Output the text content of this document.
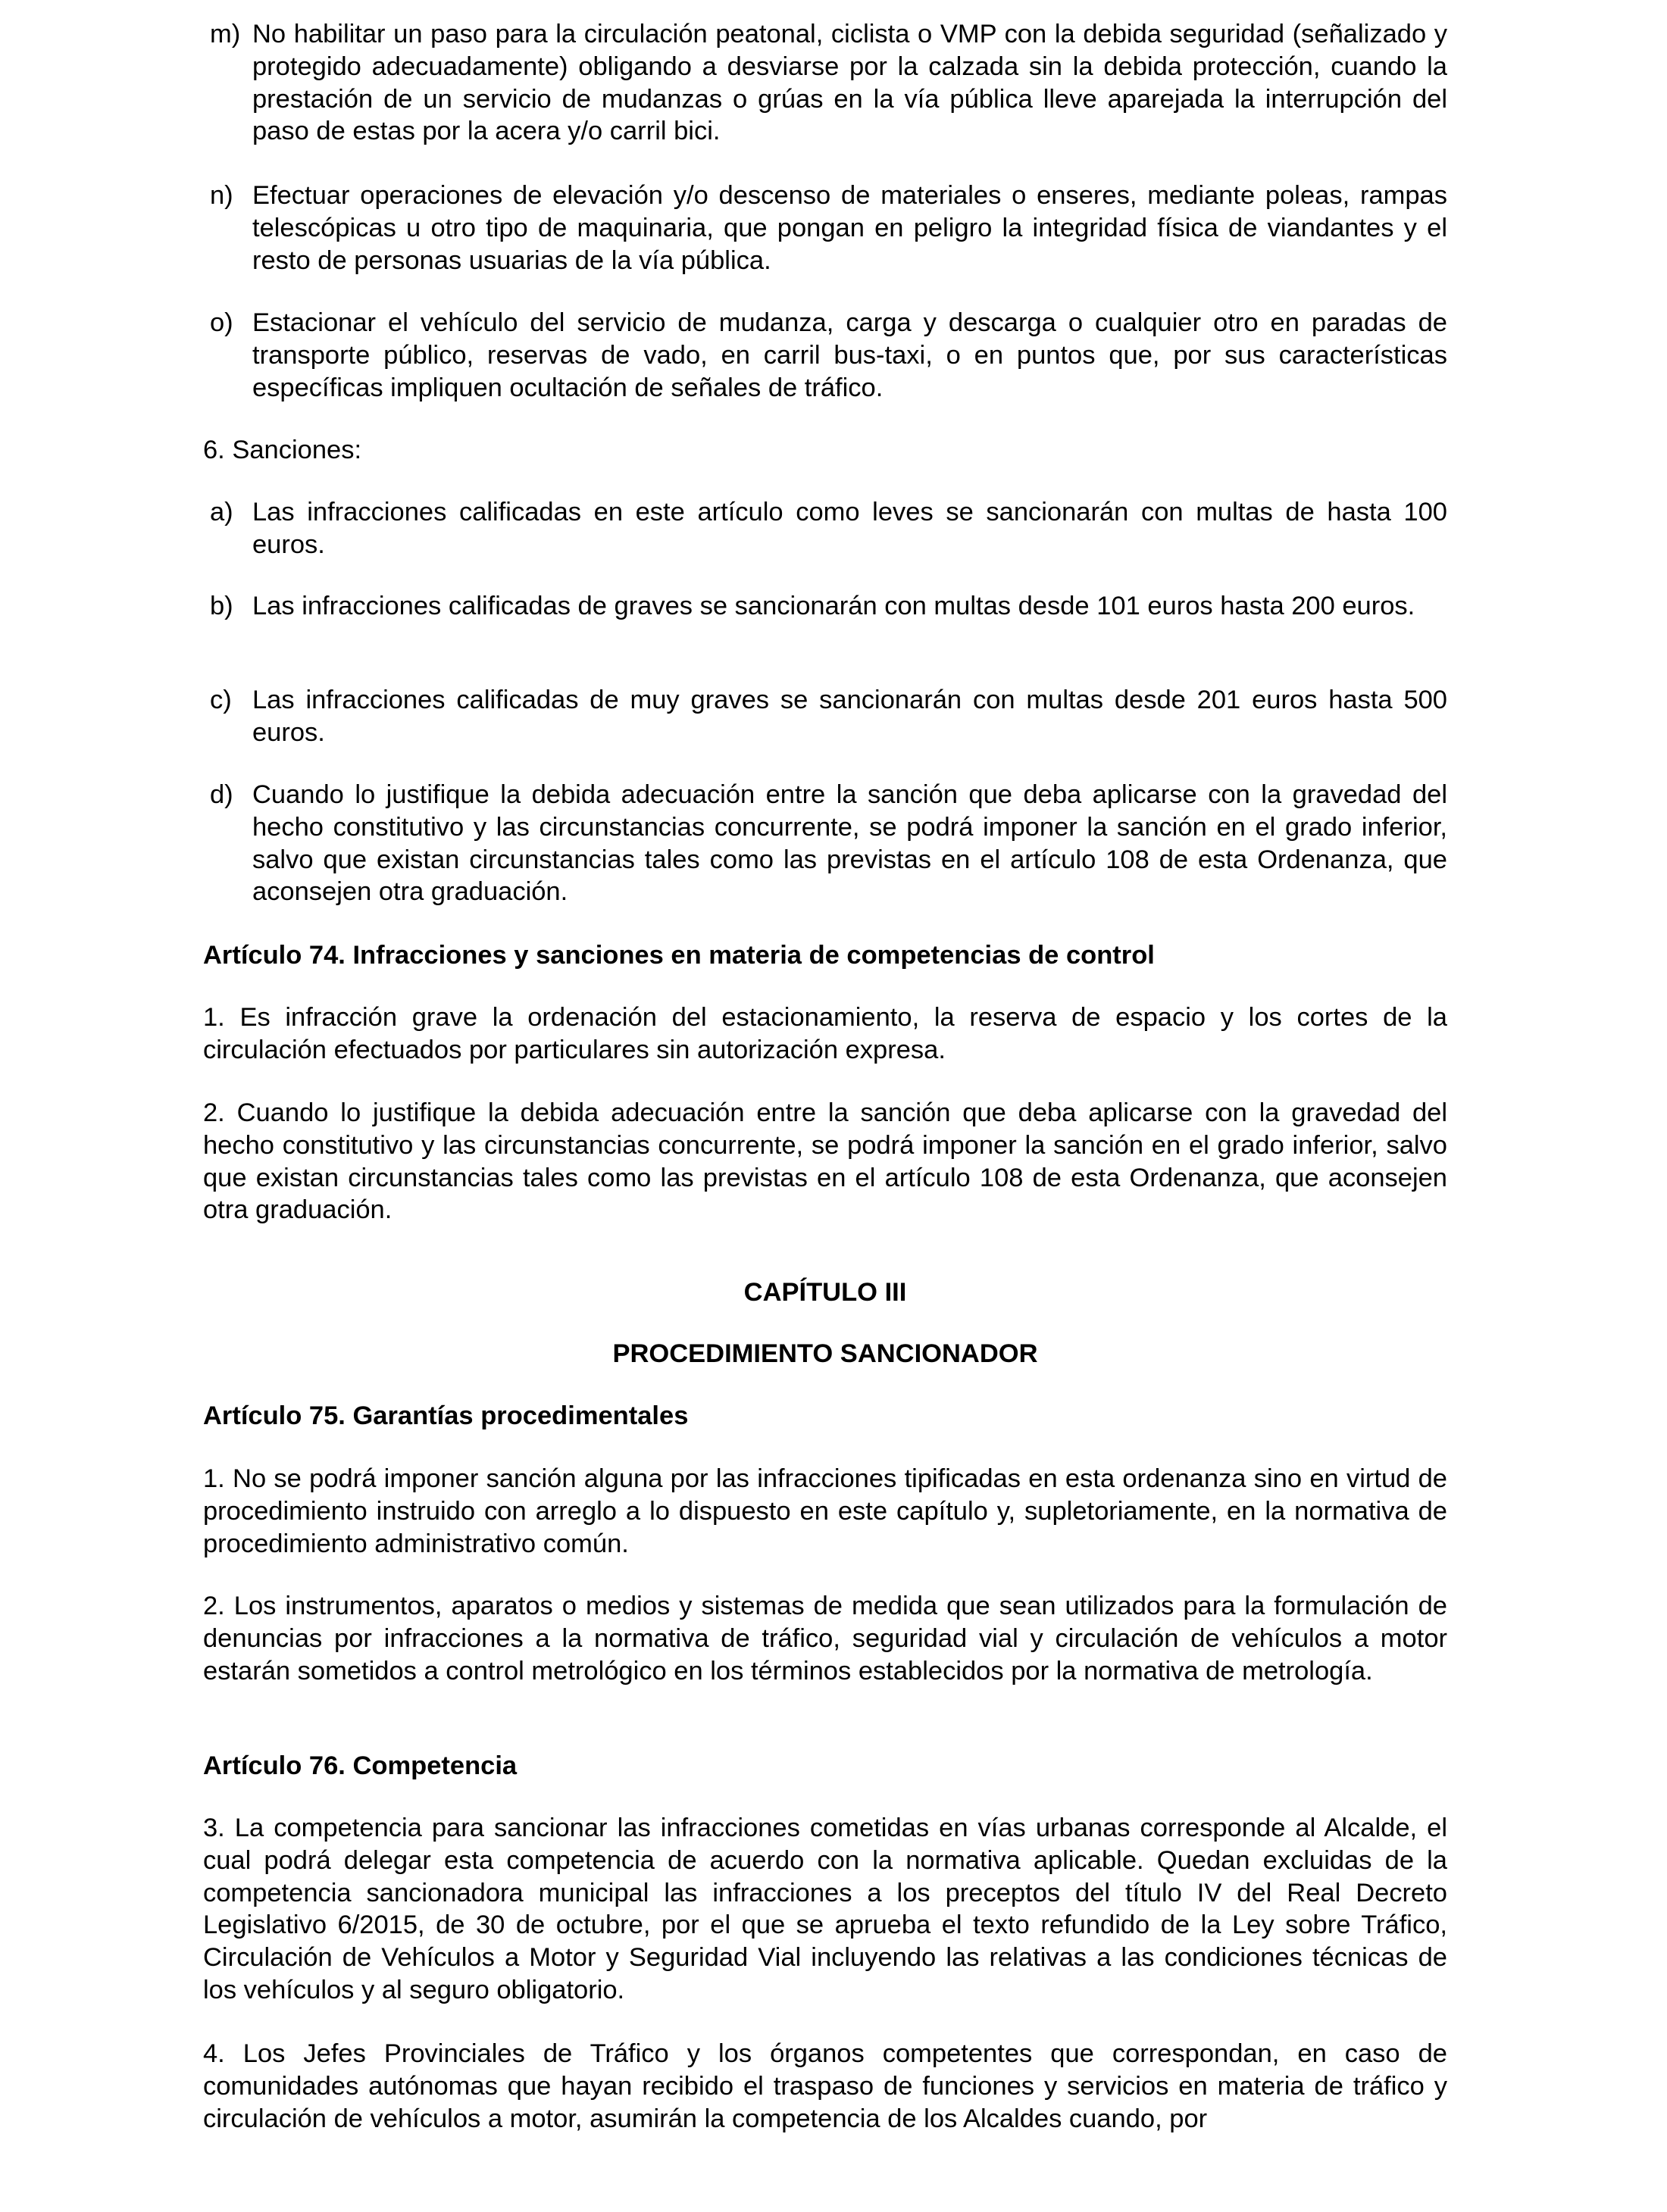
m) No habilitar un paso para la circulación peatonal, ciclista o VMP con la debida seguridad (señalizado y protegido adecuadamente) obligando a desviarse por la calzada sin la debida protección, cuando la prestación de un servicio de mudanzas o grúas en la vía pública lleve aparejada la interrupción del paso de estas por la acera y/o carril bici.
n) Efectuar operaciones de elevación y/o descenso de materiales o enseres, mediante poleas, rampas telescópicas u otro tipo de maquinaria, que pongan en peligro la integridad física de viandantes y el resto de personas usuarias de la vía pública.
o) Estacionar el vehículo del servicio de mudanza, carga y descarga o cualquier otro en paradas de transporte público, reservas de vado, en carril bus-taxi, o en puntos que, por sus características específicas impliquen ocultación de señales de tráfico.

6. Sanciones:

a) Las infracciones calificadas en este artículo como leves se sancionarán con multas de hasta 100 euros.
b) Las infracciones calificadas de graves se sancionarán con multas desde 101 euros hasta 200 euros.
c) Las infracciones calificadas de muy graves se sancionarán con multas desde 201 euros hasta 500 euros.
d) Cuando lo justifique la debida adecuación entre la sanción que deba aplicarse con la gravedad del hecho constitutivo y las circunstancias concurrente, se podrá imponer la sanción en el grado inferior, salvo que existan circunstancias tales como las previstas en el artículo 108 de esta Ordenanza, que aconsejen otra graduación.
Artículo 74. Infracciones y sanciones en materia de competencias de control

1. Es infracción grave la ordenación del estacionamiento, la reserva de espacio y los cortes de la circulación efectuados por particulares sin autorización expresa.

2. Cuando lo justifique la debida adecuación entre la sanción que deba aplicarse con la gravedad del hecho constitutivo y las circunstancias concurrente, se podrá imponer la sanción en el grado inferior, salvo que existan circunstancias tales como las previstas en el artículo 108 de esta Ordenanza, que aconsejen otra graduación.

CAPÍTULO III
PROCEDIMIENTO SANCIONADOR
Artículo 75. Garantías procedimentales

1. No se podrá imponer sanción alguna por las infracciones tipificadas en esta ordenanza sino en virtud de procedimiento instruido con arreglo a lo dispuesto en este capítulo y, supletoriamente, en la normativa de procedimiento administrativo común.

2. Los instrumentos, aparatos o medios y sistemas de medida que sean utilizados para la formulación de denuncias por infracciones a la normativa de tráfico, seguridad vial y circulación de vehículos a motor estarán sometidos a control metrológico en los términos establecidos por la normativa de metrología.

Artículo 76. Competencia

3. La competencia para sancionar las infracciones cometidas en vías urbanas corresponde al Alcalde, el cual podrá delegar esta competencia de acuerdo con la normativa aplicable. Quedan excluidas de la competencia sancionadora municipal las infracciones a los preceptos del título IV del Real Decreto Legislativo 6/2015, de 30 de octubre, por el que se aprueba el texto refundido de la Ley sobre Tráfico, Circulación de Vehículos a Motor y Seguridad Vial incluyendo las relativas a las condiciones técnicas de los vehículos y al seguro obligatorio.

4. Los Jefes Provinciales de Tráfico y los órganos competentes que correspondan, en caso de comunidades autónomas que hayan recibido el traspaso de funciones y servicios en materia de tráfico y circulación de vehículos a motor, asumirán la competencia de los Alcaldes cuando, por
